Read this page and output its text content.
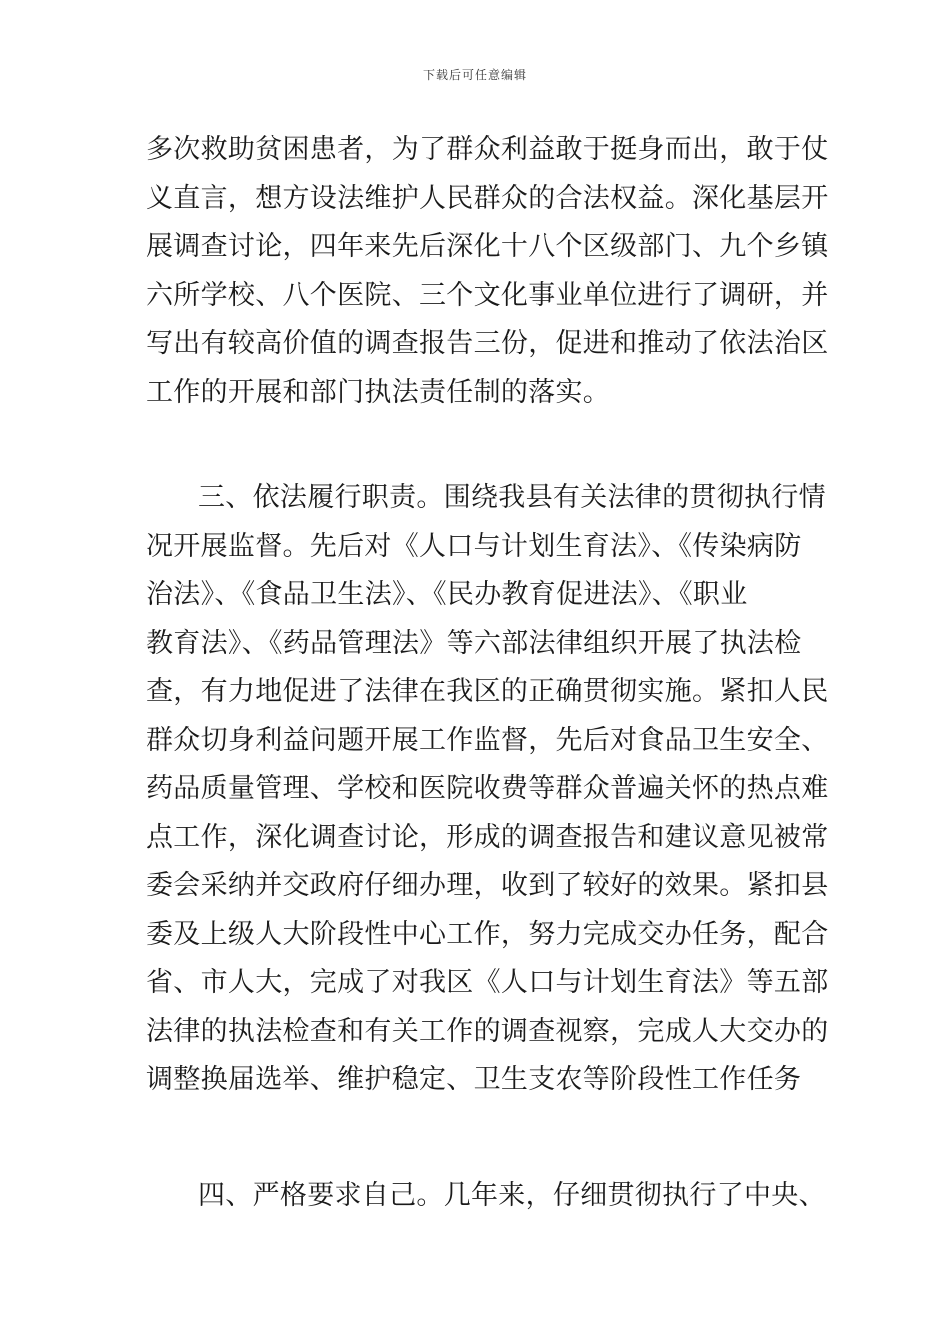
下载后可任意编辑
多次救助贫困患者，为了群众利益敢于挺身而出，敢于仗
义直言，想方设法维护人民群众的合法权益。深化基层开
展调查讨论，四年来先后深化十八个区级部门、九个乡镇
六所学校、八个医院、三个文化事业单位进行了调研，并
写出有较高价值的调查报告三份，促进和推动了依法治区
工作的开展和部门执法责任制的落实。
三、依法履行职责。围绕我县有关法律的贯彻执行情
况开展监督。先后对《人口与计划生育法》、《传染病防
治法》、《食品卫生法》、《民办教育促进法》、《职业
教育法》、《药品管理法》等六部法律组织开展了执法检
查，有力地促进了法律在我区的正确贯彻实施。紧扣人民
群众切身利益问题开展工作监督，先后对食品卫生安全、
药品质量管理、学校和医院收费等群众普遍关怀的热点难
点工作，深化调查讨论，形成的调查报告和建议意见被常
委会采纳并交政府仔细办理，收到了较好的效果。紧扣县
委及上级人大阶段性中心工作，努力完成交办任务，配合
省、市人大，完成了对我区《人口与计划生育法》等五部
法律的执法检查和有关工作的调查视察，完成人大交办的
调整换届选举、维护稳定、卫生支农等阶段性工作任务
四、严格要求自己。几年来，仔细贯彻执行了中央、
